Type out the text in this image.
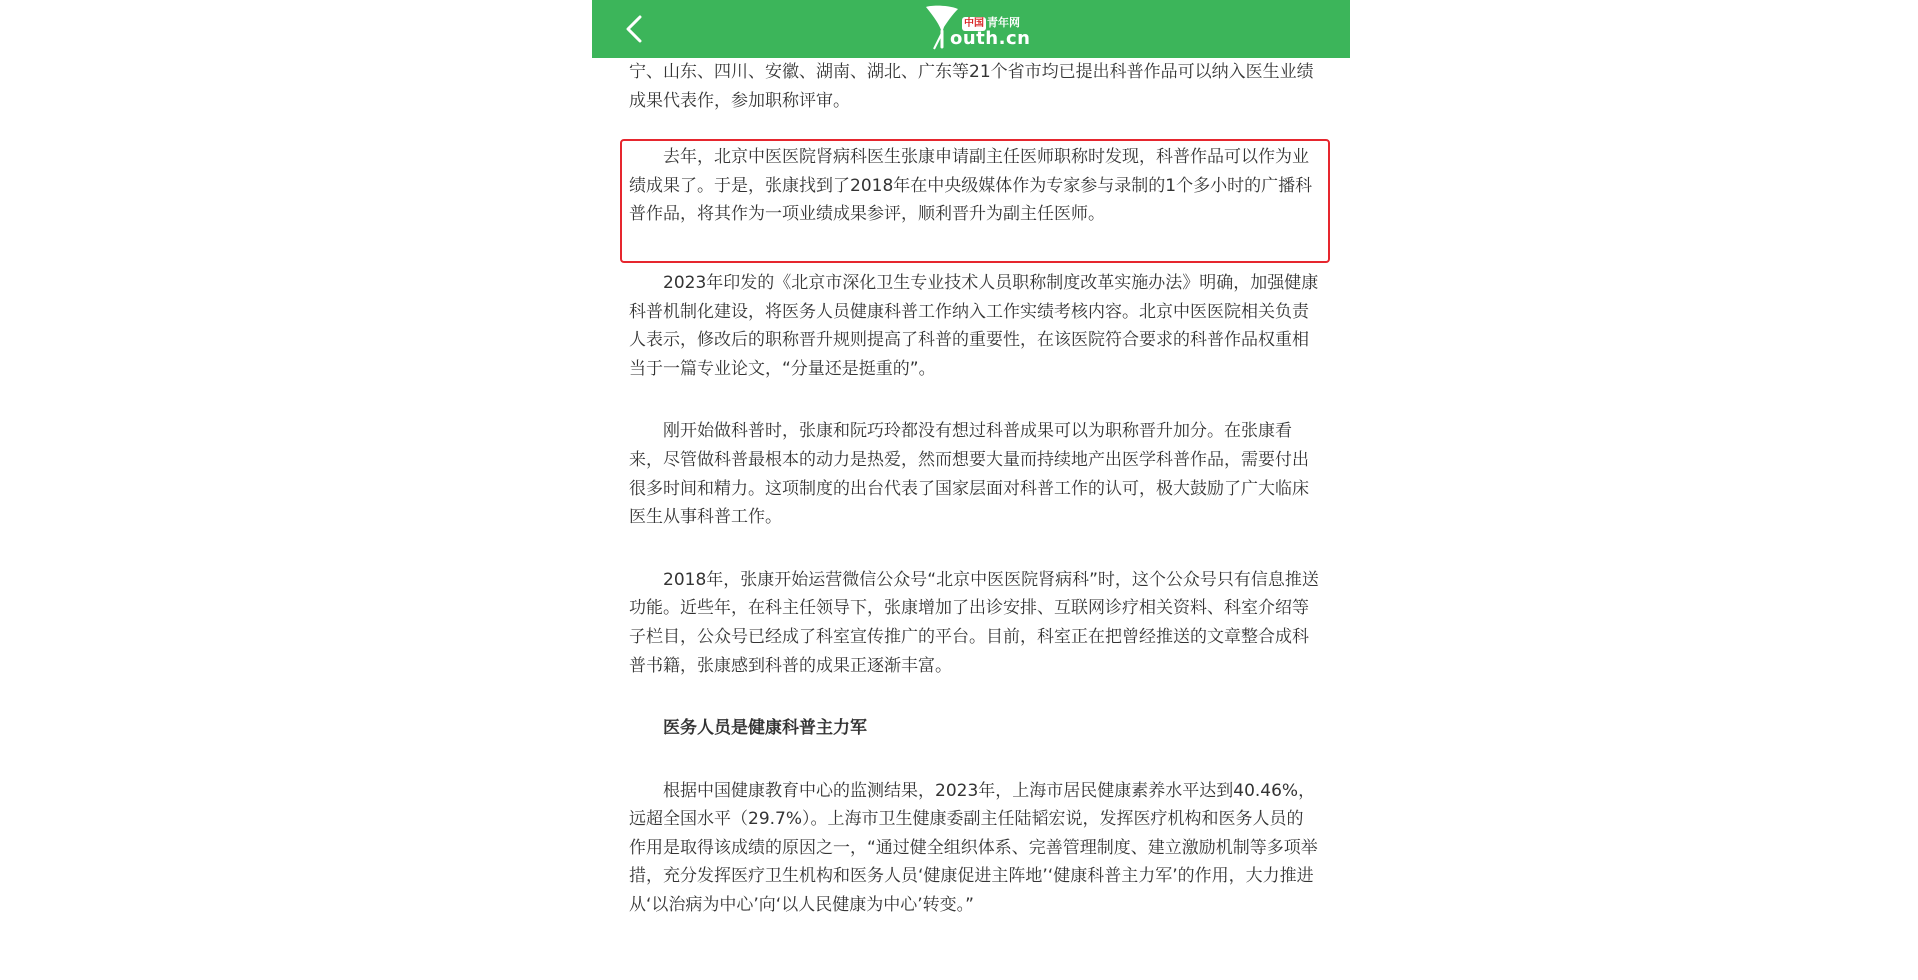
中国 青年网
outh.cn

宁、山东、四川、安徽、湖南、湖北、广东等21个省市均已提出科普作品可以纳入医生业绩成果代表作，参加职称评审。

去年，北京中医医院肾病科医生张康申请副主任医师职称时发现，科普作品可以作为业绩成果了。于是，张康找到了2018年在中央级媒体作为专家参与录制的1个多小时的广播科普作品，将其作为一项业绩成果参评，顺利晋升为副主任医师。

2023年印发的《北京市深化卫生专业技术人员职称制度改革实施办法》明确，加强健康科普机制化建设，将医务人员健康科普工作纳入工作实绩考核内容。北京中医医院相关负责人表示，修改后的职称晋升规则提高了科普的重要性，在该医院符合要求的科普作品权重相当于一篇专业论文，“分量还是挺重的”。

刚开始做科普时，张康和阮巧玲都没有想过科普成果可以为职称晋升加分。在张康看来，尽管做科普最根本的动力是热爱，然而想要大量而持续地产出医学科普作品，需要付出很多时间和精力。这项制度的出台代表了国家层面对科普工作的认可，极大鼓励了广大临床医生从事科普工作。

2018年，张康开始运营微信公众号“北京中医医院肾病科”时，这个公众号只有信息推送功能。近些年，在科主任领导下，张康增加了出诊安排、互联网诊疗相关资料、科室介绍等子栏目，公众号已经成了科室宣传推广的平台。目前，科室正在把曾经推送的文章整合成科普书籍，张康感到科普的成果正逐渐丰富。

医务人员是健康科普主力军

根据中国健康教育中心的监测结果，2023年，上海市居民健康素养水平达到40.46%，远超全国水平（29.7%）。上海市卫生健康委副主任陆韬宏说，发挥医疗机构和医务人员的作用是取得该成绩的原因之一，“通过健全组织体系、完善管理制度、建立激励机制等多项举措，充分发挥医疗卫生机构和医务人员‘健康促进主阵地’‘健康科普主力军’的作用，大力推进从‘以治病为中心’向‘以人民健康为中心’转变。”
